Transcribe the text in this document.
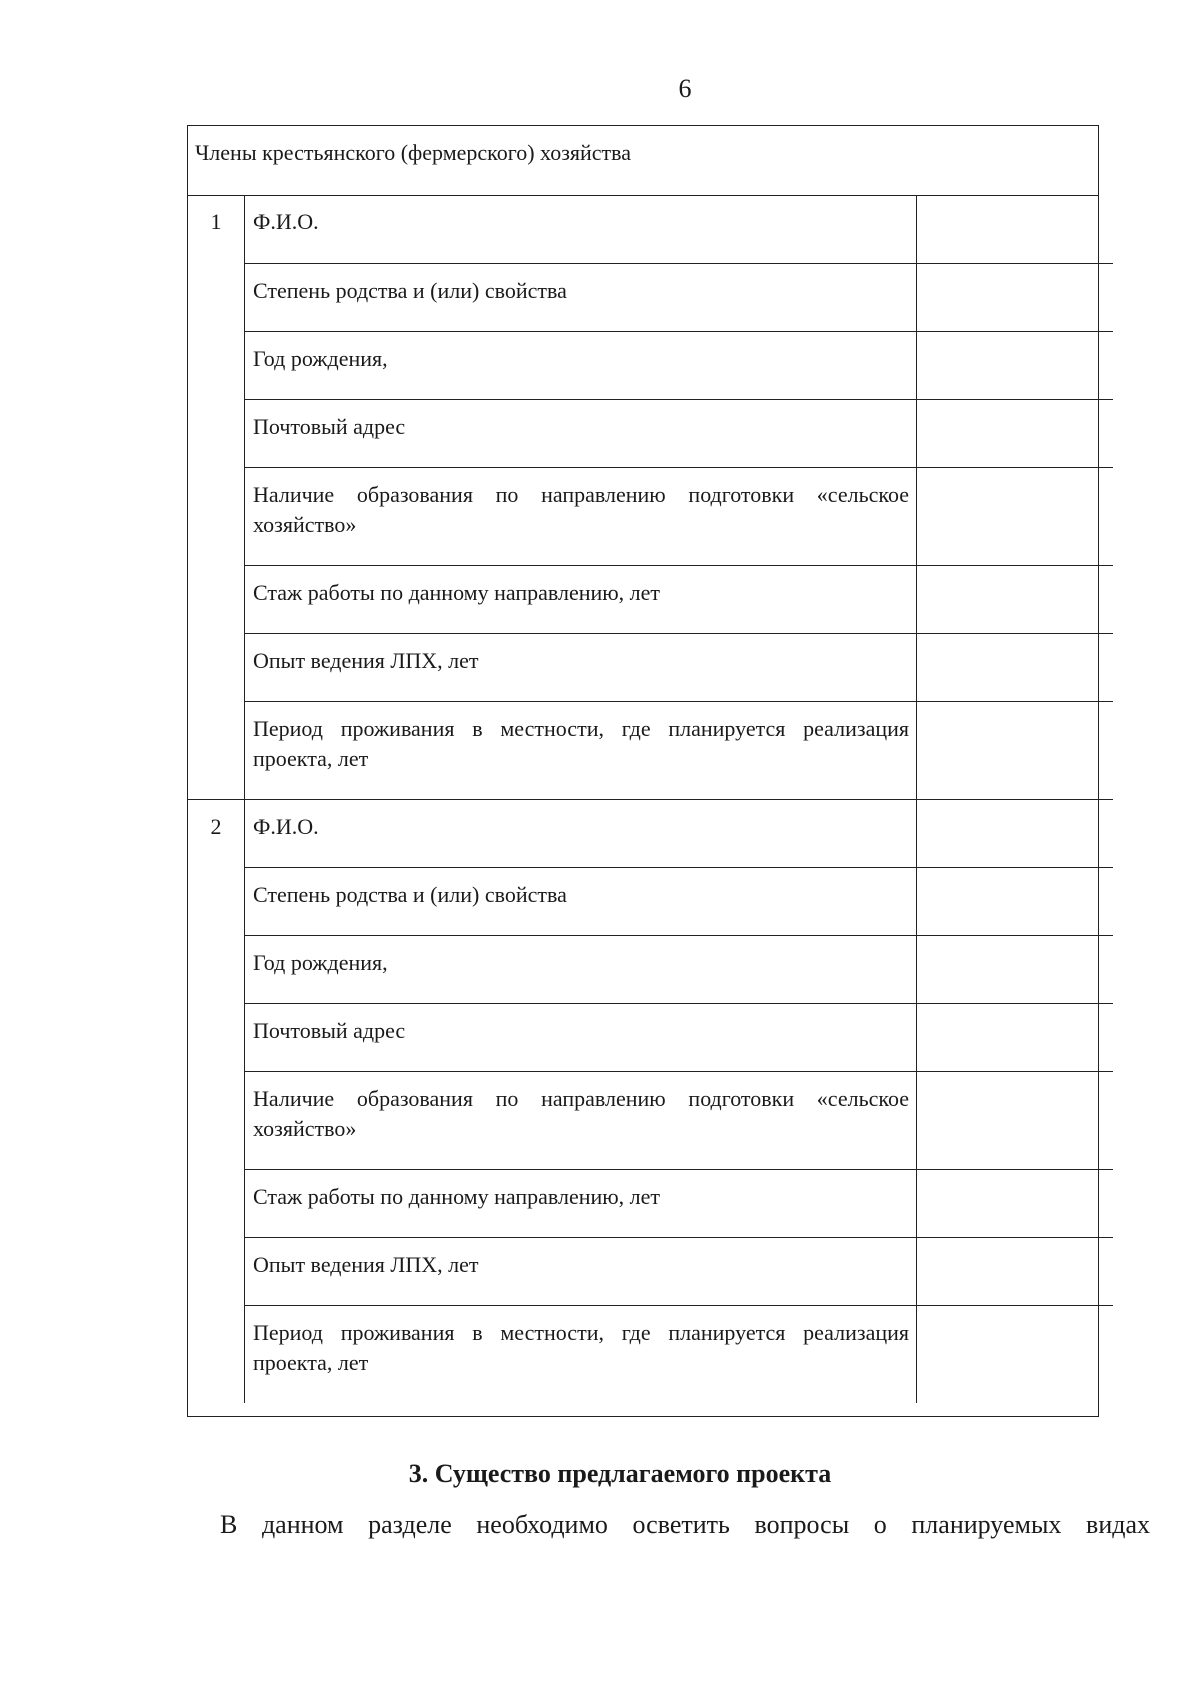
6
Члены крестьянского (фермерского) хозяйства
1	Ф.И.О.	
	Степень родства и (или) свойства	
	Год рождения,	
	Почтовый адрес	
	Наличие образования по направлению подготовки «сельское хозяйство»	
	Стаж работы по данному направлению, лет	
	Опыт ведения ЛПХ, лет	
	Период проживания в местности, где планируется реализация проекта, лет	
2	Ф.И.О.	
	Степень родства и (или) свойства	
	Год рождения,	
	Почтовый адрес	
	Наличие образования по направлению подготовки «сельское хозяйство»	
	Стаж работы по данному направлению, лет	
	Опыт ведения ЛПХ, лет	
	Период проживания в местности, где планируется реализация проекта, лет	
3. Существо предлагаемого проекта
В данном разделе необходимо осветить вопросы о планируемых видах
